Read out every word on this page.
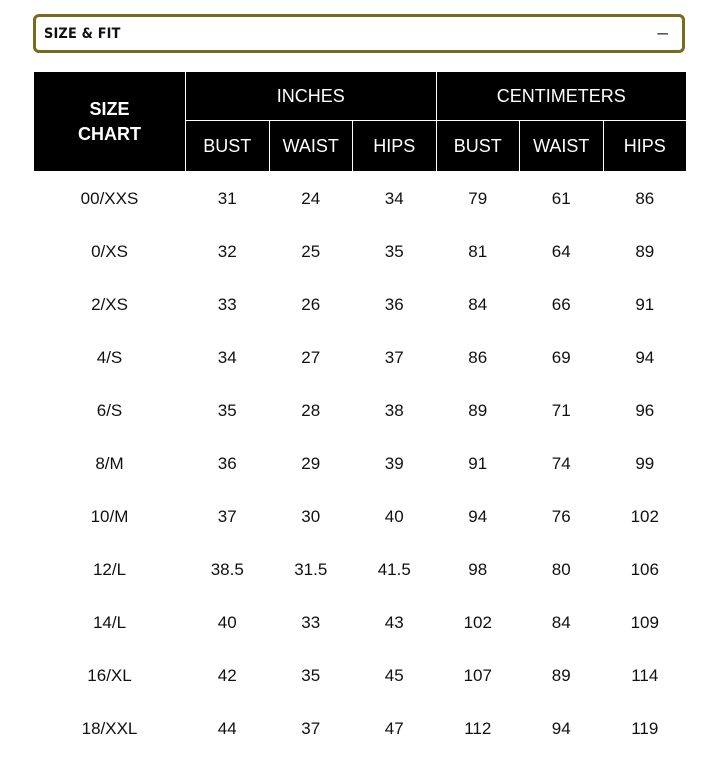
SIZE & FIT	–
SIZE
CHART	INCHES			CENTIMETERS		
	BUST	WAIST	HIPS	BUST	WAIST	HIPS
00/XXS	31	24	34	79	61	86
0/XS	32	25	35	81	64	89
2/XS	33	26	36	84	66	91
4/S	34	27	37	86	69	94
6/S	35	28	38	89	71	96
8/M	36	29	39	91	74	99
10/M	37	30	40	94	76	102
12/L	38.5	31.5	41.5	98	80	106
14/L	40	33	43	102	84	109
16/XL	42	35	45	107	89	114
18/XXL	44	37	47	112	94	119
